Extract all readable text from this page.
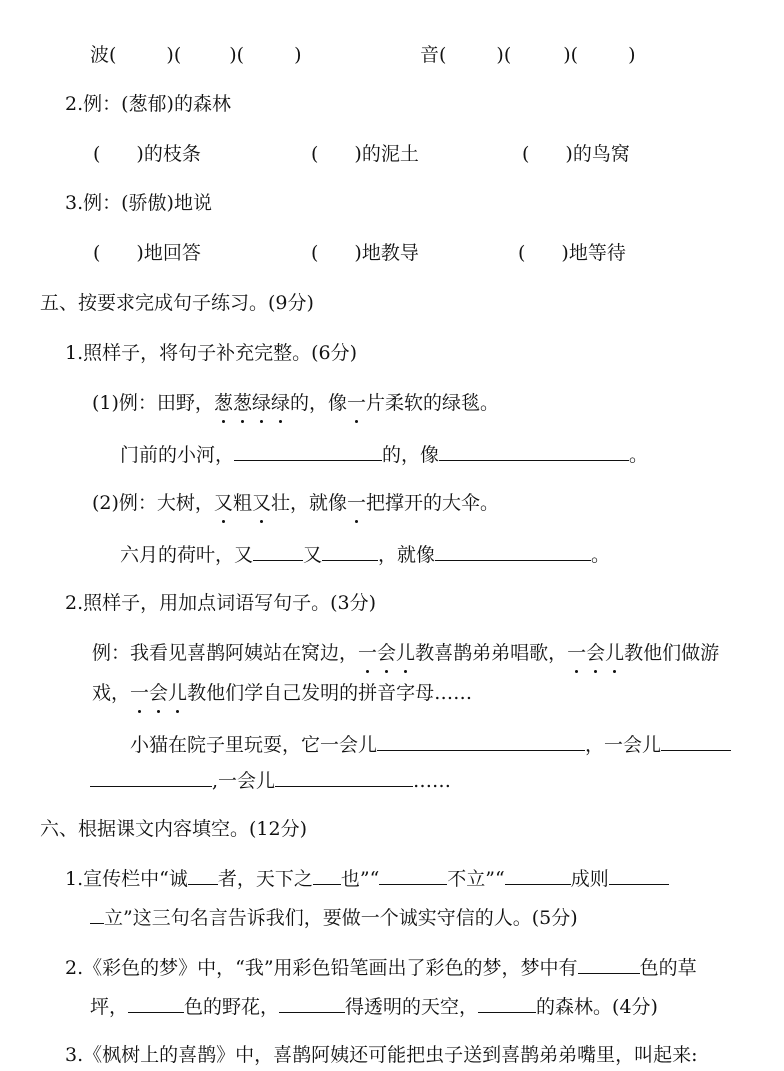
波(	)(	)(	)	音(	)(	)(	)
2.例：(葱郁)的森林
( )的枝条	( )的泥土	( )的鸟窝
3.例：(骄傲)地说
( )地回答	( )地教导	( )地等待
五、按要求完成句子练习。(9分)
1.照样子，将句子补充完整。(6分)
(1)例：田野，葱葱绿绿的，像一片柔软的绿毯。
门前的小河，	的，像	。
(2)例：大树，又粗又壮，就像一把撑开的大伞。
六月的荷叶，又	又	，就像	。
2.照样子，用加点词语写句子。(3分)
例：我看见喜鹊阿姨站在窝边，一会儿教喜鹊弟弟唱歌，一会儿教他们做游
戏，一会儿教他们学自己发明的拼音字母……
小猫在院子里玩耍，它一会儿	，一会儿
,一会儿	……
六、根据课文内容填空。(12分)
1.宣传栏中“诚 者，天下之 也”“	不立”“	成则
立”这三句名言告诉我们，要做一个诚实守信的人。(5分)
2.《彩色的梦》中，“我”用彩色铅笔画出了彩色的梦，梦中有	色的草
坪，	色的野花，	得透明的天空，	的森林。(4分)
3.《枫树上的喜鹊》中，喜鹊阿姨还可能把虫子送到喜鹊弟弟嘴里，叫起来:
